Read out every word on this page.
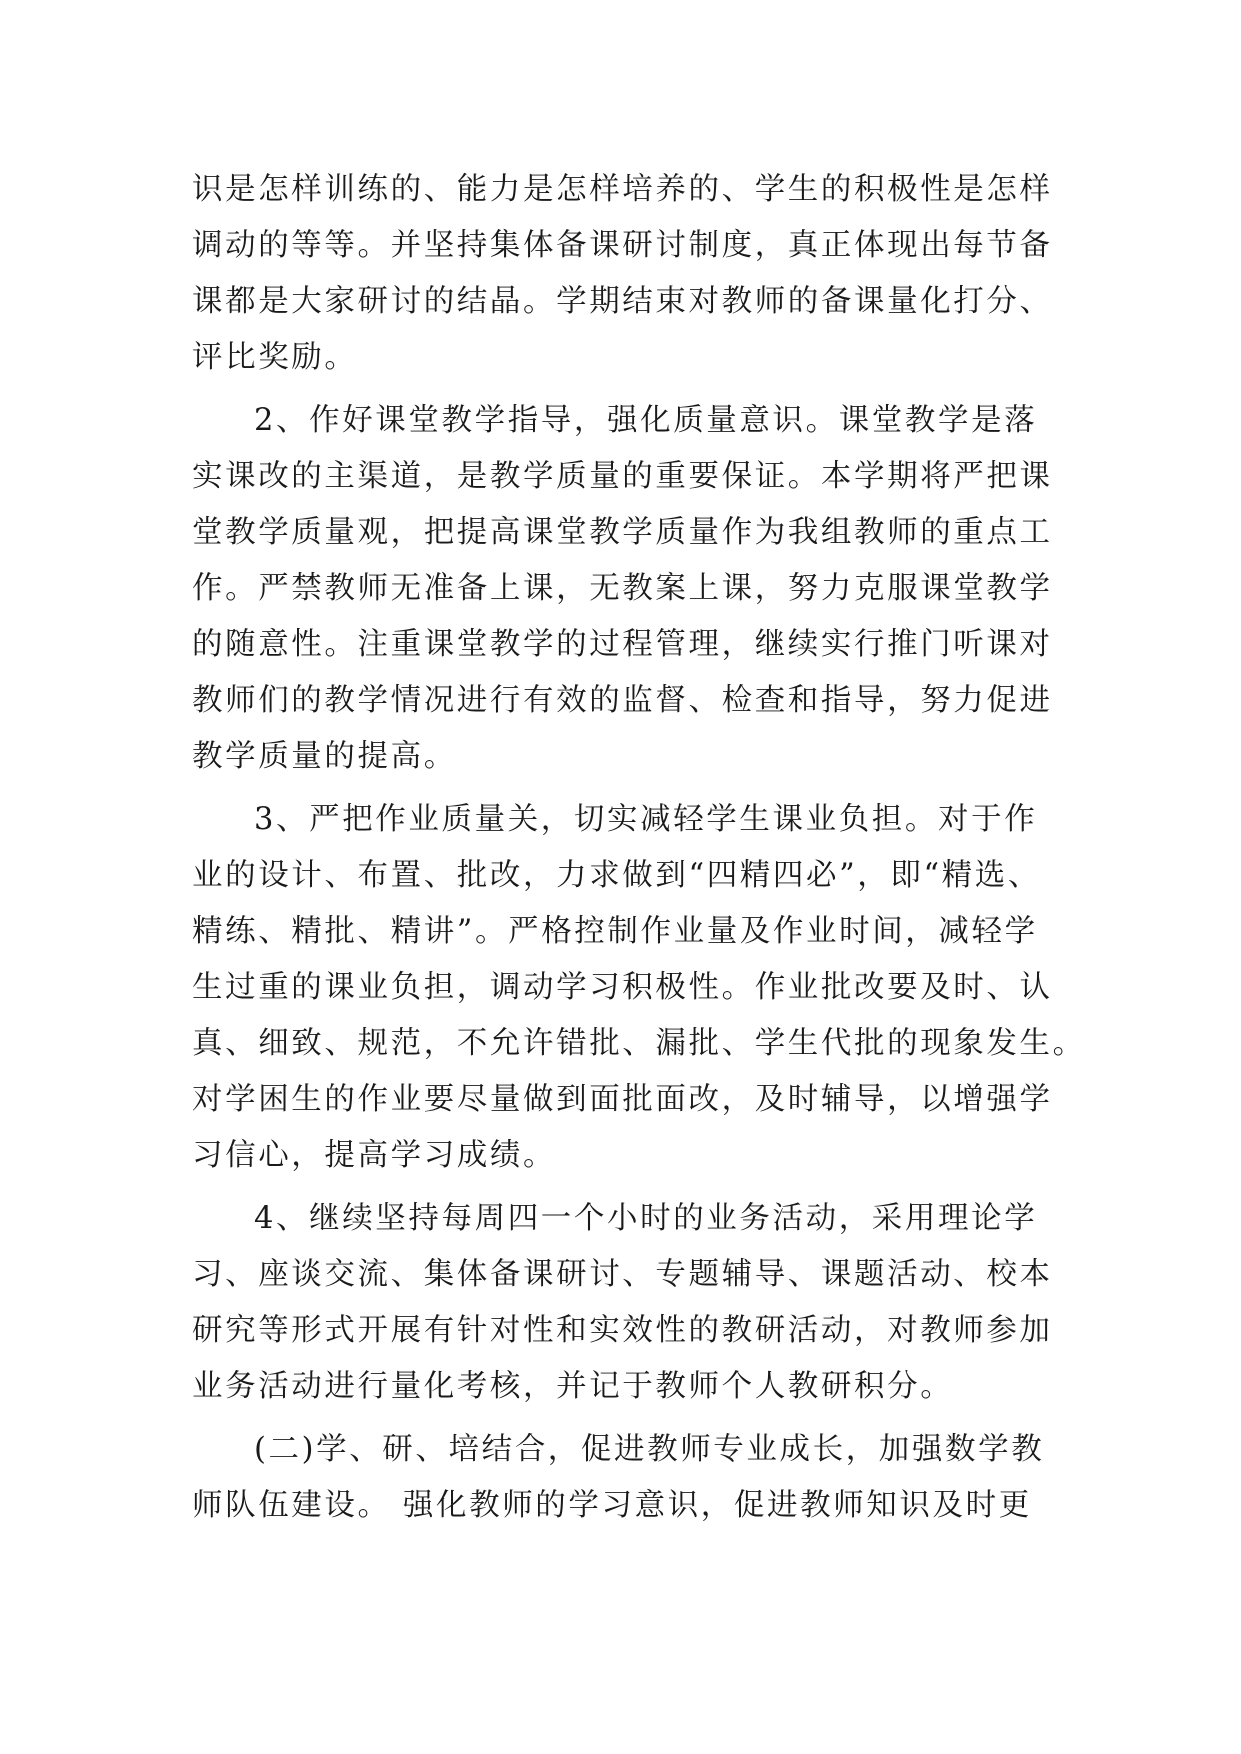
识是怎样训练的、能力是怎样培养的、学生的积极性是怎样
调动的等等。并坚持集体备课研讨制度，真正体现出每节备
课都是大家研讨的结晶。学期结束对教师的备课量化打分、
评比奖励。
2、作好课堂教学指导，强化质量意识。课堂教学是落
实课改的主渠道，是教学质量的重要保证。本学期将严把课
堂教学质量观，把提高课堂教学质量作为我组教师的重点工
作。严禁教师无准备上课，无教案上课，努力克服课堂教学
的随意性。注重课堂教学的过程管理，继续实行推门听课对
教师们的教学情况进行有效的监督、检查和指导，努力促进
教学质量的提高。
3、严把作业质量关，切实减轻学生课业负担。对于作
业的设计、布置、批改，力求做到“四精四必”，即“精选、
精练、精批、精讲”。严格控制作业量及作业时间，减轻学
生过重的课业负担，调动学习积极性。作业批改要及时、认
真、细致、规范，不允许错批、漏批、学生代批的现象发生。
对学困生的作业要尽量做到面批面改，及时辅导，以增强学
习信心，提高学习成绩。
4、继续坚持每周四一个小时的业务活动，采用理论学
习、座谈交流、集体备课研讨、专题辅导、课题活动、校本
研究等形式开展有针对性和实效性的教研活动，对教师参加
业务活动进行量化考核，并记于教师个人教研积分。
(二)学、研、培结合，促进教师专业成长，加强数学教
师队伍建设。 强化教师的学习意识，促进教师知识及时更
